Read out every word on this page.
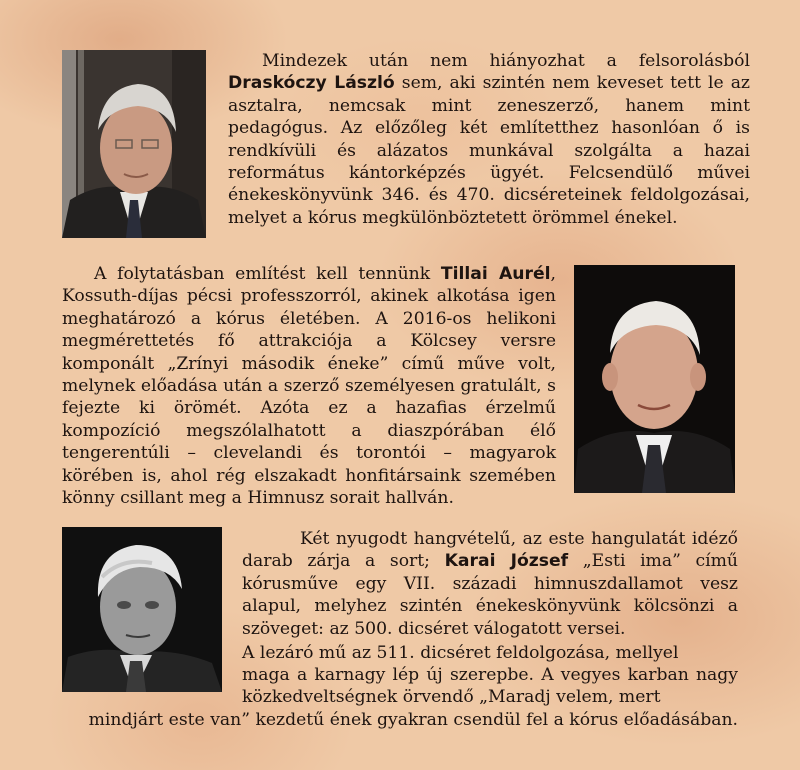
Mindezek után nem hiányozhat a felsorolásból Draskóczy László sem, aki szintén nem keveset tett le az asztalra, nemcsak mint zeneszerző, hanem mint pedagógus. Az előzőleg két említetthez hasonlóan ő is rendkívüli és alázatos munkával szolgálta a hazai református kántorképzés ügyét. Felcsendülő művei énekeskönyvünk 346. és 470. dicséreteinek feldolgozásai, melyet a kórus megkülönböztetett örömmel énekel.

A folytatásban említést kell tennünk Tillai Aurél, Kossuth-díjas pécsi professzorról, akinek alkotása igen meghatározó a kórus életében. A 2016-os helikoni megmérettetés fő attrakciója a Kölcsey versre komponált „Zrínyi második éneke” című műve volt, melynek előadása után a szerző személyesen gratulált, s fejezte ki örömét. Azóta ez a hazafias érzelmű kompozíció megszólalhatott a diaszpórában élő tengerentúli – clevelandi és torontói – magyarok körében is, ahol rég elszakadt honfitársaink szemében könny csillant meg a Himnusz sorait hallván.

Két nyugodt hangvételű, az este hangulatát idéző darab zárja a sort; Karai József „Esti ima” című kórusműve egy VII. századi himnuszdallamot vesz alapul, melyhez szintén énekeskönyvünk kölcsönzi a szöveget: az 500. dicséret válogatott versei.

A lezáró mű az 511. dicséret feldolgozása, mellyel

maga a karnagy lép új szerepbe. A vegyes karban nagy közkedveltségnek örvendő „Maradj velem, mert
mindjárt este van” kezdetű ének gyakran csendül fel a kórus előadásában.
